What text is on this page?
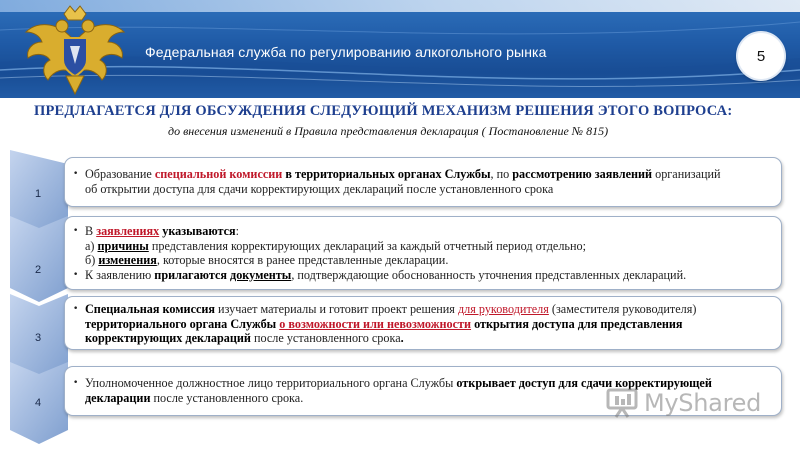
Федеральная служба по регулированию алкогольного рынка	5
ПРЕДЛАГАЕТСЯ ДЛЯ ОБСУЖДЕНИЯ СЛЕДУЮЩИЙ МЕХАНИЗМ РЕШЕНИЯ ЭТОГО ВОПРОСА:
до внесения изменений в Правила представления декларация ( Постановление № 815)
1
• Образование специальной комиссии в территориальных органах Службы, по рассмотрению заявлений организаций
об открытии доступа для сдачи корректирующих деклараций после установленного срока
2
• В заявлениях указываются:
а) причины представления корректирующих деклараций за каждый отчетный период отдельно;
б) изменения, которые вносятся в ранее представленные декларации.
• К заявлению прилагаются документы, подтверждающие обоснованность уточнения представленных деклараций.
3
• Специальная комиссия изучает материалы и готовит проект решения для руководителя (заместителя руководителя)
территориального органа Службы о возможности или невозможности открытия доступа для представления
корректирующих деклараций после установленного срока.
4
• Уполномоченное должностное лицо территориального органа Службы открывает доступ для сдачи корректирующей
декларации после установленного срока.	MyShared
